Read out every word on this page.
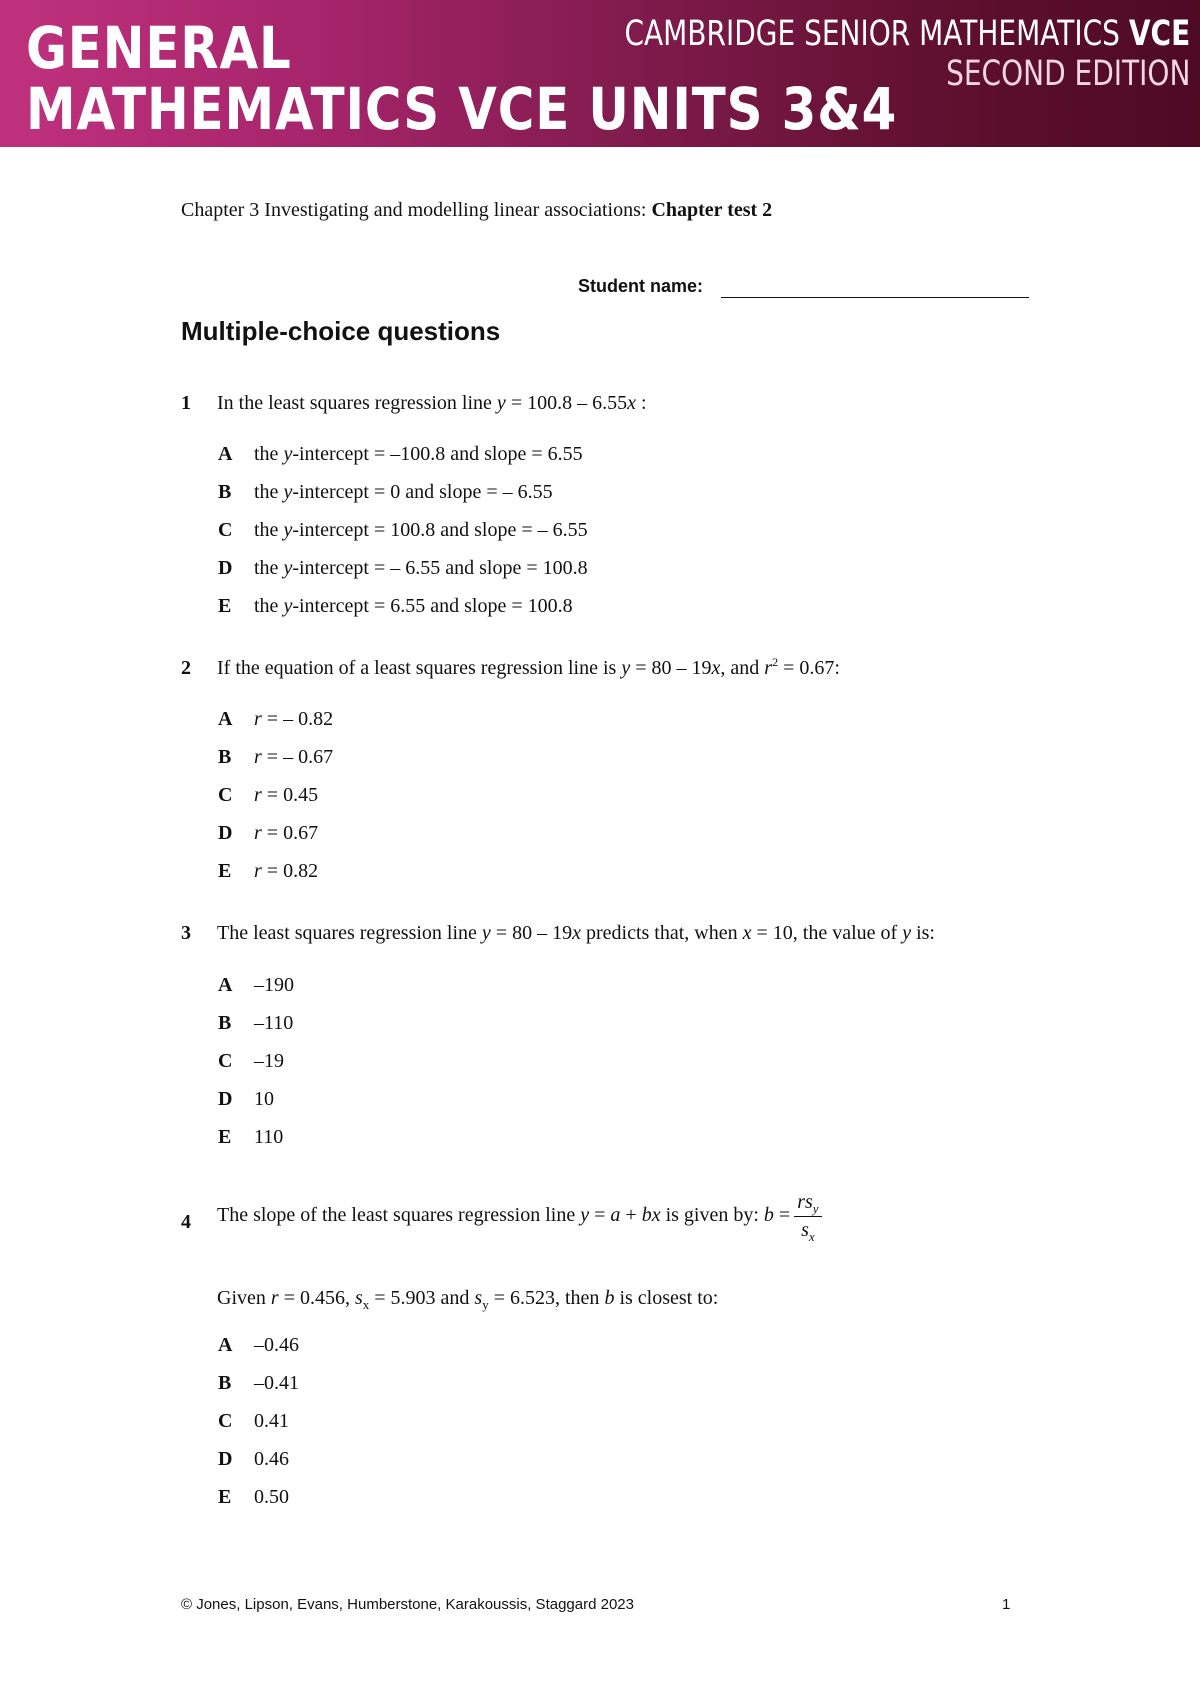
GENERAL
MATHEMATICS VCE UNITS 3&4
CAMBRIDGE SENIOR MATHEMATICS VCE
SECOND EDITION
Chapter 3 Investigating and modelling linear associations: Chapter test 2
Student name:
Multiple-choice questions
1 In the least squares regression line y = 100.8 – 6.55x :
A the y-intercept = –100.8 and slope = 6.55
B the y-intercept = 0 and slope = – 6.55
C the y-intercept = 100.8 and slope = – 6.55
D the y-intercept = – 6.55 and slope = 100.8
E the y-intercept = 6.55 and slope = 100.8
2 If the equation of a least squares regression line is y = 80 – 19x, and $r^2 = 0.67$:
A r = – 0.82
B r = – 0.67
C r = 0.45
D r = 0.67
E r = 0.82
3 The least squares regression line y = 80 – 19x predicts that, when x = 10, the value of y is:
A –190
B –110
C –19
D 10
E 110
4 The slope of the least squares regression line y = a + bx is given by: $b = \frac{rs_y}{s_x}$
Given r = 0.456, $s_x = 5.903$ and $s_y = 6.523$, then b is closest to:
A –0.46
B –0.41
C 0.41
D 0.46
E 0.50
© Jones, Lipson, Evans, Humberstone, Karakoussis, Staggard 2023	1
